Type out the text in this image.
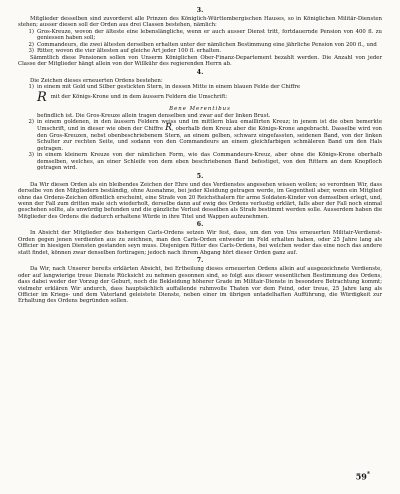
3.

Mitglieder desselben sind zuvorderst alle Prinzen des Königlich-Württembergischen Hauses, so in Königlichen Militär-Diensten stehen; ausser diesen soll der Orden aus drei Classen bestehen, nämlich:

1) Gros-Kreuze, wovon der älteste eine lebenslängliche, wenn er auch ausser Dienst tritt, fortdauernde Pension von 400 fl. zu geniessen haben soll;
2) Commandeurs, die zwei ältesten derselben erhalten unter der nämlichen Bestimmung eine jährliche Pension von 200 fl., und
3) Ritter, wovon die vier ältesten auf gleiche Art jeder 100 fl. erhalten.

Sämmtlich diese Pensionen sollen von Unserm Königlichen Ober-Finanz-Departement bezahlt werden. Die Anzahl von jeder Classe der Mitglieder hängt allein von der Willkühr des regierenden Herrn ab.

4.

Die Zeichen dieses erneuerten Ordens bestehen:

1) in einem mit Gold und Silber gestickten Stern, in dessen Mitte in einem blauen Felde der Chiffre
R mit der Königs-Krone und in dem äussern Feldern die Umschrift:
Bene Merentibus

befindlich ist. Die Gros-Kreuze allein tragen denselben und zwar auf der linken Brust.

2) in einem goldenen, in den äussern Feldern weiss und im mittlern blau emaillirten Kreuz; in jenem ist die oben bemerkte Umschrift, und in dieser wie oben der Chiffre R, oberhalb dem Kreuz aber die Königs-Krone angebracht. Dasselbe wird von den Gros-Kreuzen, nebst obenbeschriebenem Stern, an einem gelben, schwarz eingefassten, seidenen Band, von der linken Schulter zur rechten Seite, und sodann von den Commandeurs an einem gleichfarbigen schmäleren Band um den Hals getragen.
3) in einem kleinern Kreuze von der nämlichen Form, wie das Commandeurs-Kreuz, aber ohne die Königs-Krone oberhalb demselben, welches, an einer Schleife von dem eben beschriebenen Band befestiget, von den Rittern an dem Knopfloch getragen wird.
5.

Da Wir diesen Orden als ein bleibendes Zeichen der Ehre und des Verdienstes angesehen wissen wollen; so verordnen Wir, dass derselbe von den Mitgliedern beständig, ohne Ausnahme, bei jeder Kleidung getragen werde, im Gegentheil aber, wenn ein Mitglied ohne das Ordens-Zeichen öffentlich erscheint, eine Strafe von 20 Reichsthalern für arme Soldaten-Kinder von demselben erlegt, und, wenn der Fall zum dritten male sich wiederholt, derselbe dann auf ewig des Ordens verlustig erklärt, falls aber der Fall noch einmal geschehen sollte, als unwürdig befunden und die gänzliche Verlust desselben als Strafe bestimmt werden solle. Ausserdem haben die Mitglieder des Ordens die dadurch erhaltene Würde in ihre Titel und Wappen aufzunehmen.

6.

In Absicht der Mitglieder des bisherigen Carls-Ordens setzen Wir fest, dass, um den von Uns erneuerten Militair-Verdienst-Orden gegen jenen verdienten aus zu zeichnen, man den Carls-Orden entweder im Feld erhalten haben, oder 25 Jahre lang als Officier in hiesigen Diensten gestanden seyn muss. Diejenigen Ritter des Carls-Ordens, bei welchen weder das eine noch das andere statt findet, können zwar denselben fortiragen; jedoch nach ihrem Abgang hört dieser Orden ganz auf.

7.

Da Wir, nach Unserer bereits erklärten Absicht, bei Ertheilung dieses erneuerten Ordens allein auf ausgezeichnete Verdienste, oder auf langwierige treue Dienste Rücksicht zu nehmen gesonnen sind, so folgt aus dieser wesentlichen Bestimmung des Ordens, dass dabei weder der Vorzug der Geburt, noch die Bekleidung höherer Grade im Militair-Dienste in besondere Betrachtung kommt; vielmehr erklären Wir andurch, dass hauptsächlich auffallende ruhmvolle Thaten vor dem Feind, oder treue, 25 Jahre lang als Officier im Kriegs- und dem Vaterland geleistete Dienste, neben einer im übrigen untadelhaften Aufführung, die Würdigkeit zur Erhaltung des Ordens begründen sollen.

59*
